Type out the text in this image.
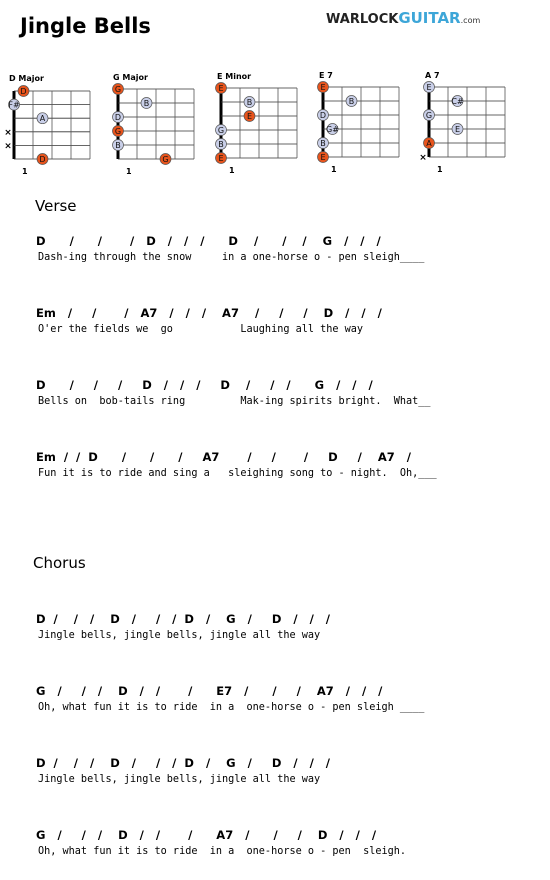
Jingle Bells	WARLOCKGUITAR.com
D Major	G Major	E Minor	E 7	A 7
1
D
×
×
A
F#
D
1
G
B
G
D
B
G
1
E
B
G
E
B
E
1
E
B
G#
D
B
E
1
×
A
E
G
C#
E
Verse
D      /      /       /   D   /   /   /      D    /      /    /    G   /   /   /
Dash-ing through the snow     in a one-horse o - pen sleigh____
Em   /     /       /   A7   /   /   /    A7    /     /     /    D   /   /   /
O'er the fields we  go           Laughing all the way
D      /     /     /     D   /   /   /     D    /     /   /      G   /   /   /
Bells on  bob-tails ring         Mak-ing spirits bright.  What__
Em  /  /  D      /      /      /     A7       /     /       /     D     /    A7   /
Fun it is to ride and sing a   sleighing song to - night.  Oh,___
Chorus
D  /    /   /    D   /     /   /  D   /    G   /     D   /   /   /
Jingle bells, jingle bells, jingle all the way
G   /     /   /    D   /   /       /      E7   /      /     /    A7   /   /   /
Oh, what fun it is to ride  in a  one-horse o - pen sleigh ____
D  /    /   /    D   /     /   /  D   /    G   /     D   /   /   /
Jingle bells, jingle bells, jingle all the way
G   /     /   /    D   /   /       /      A7   /      /     /    D   /   /   /
Oh, what fun it is to ride  in a  one-horse o - pen  sleigh.
